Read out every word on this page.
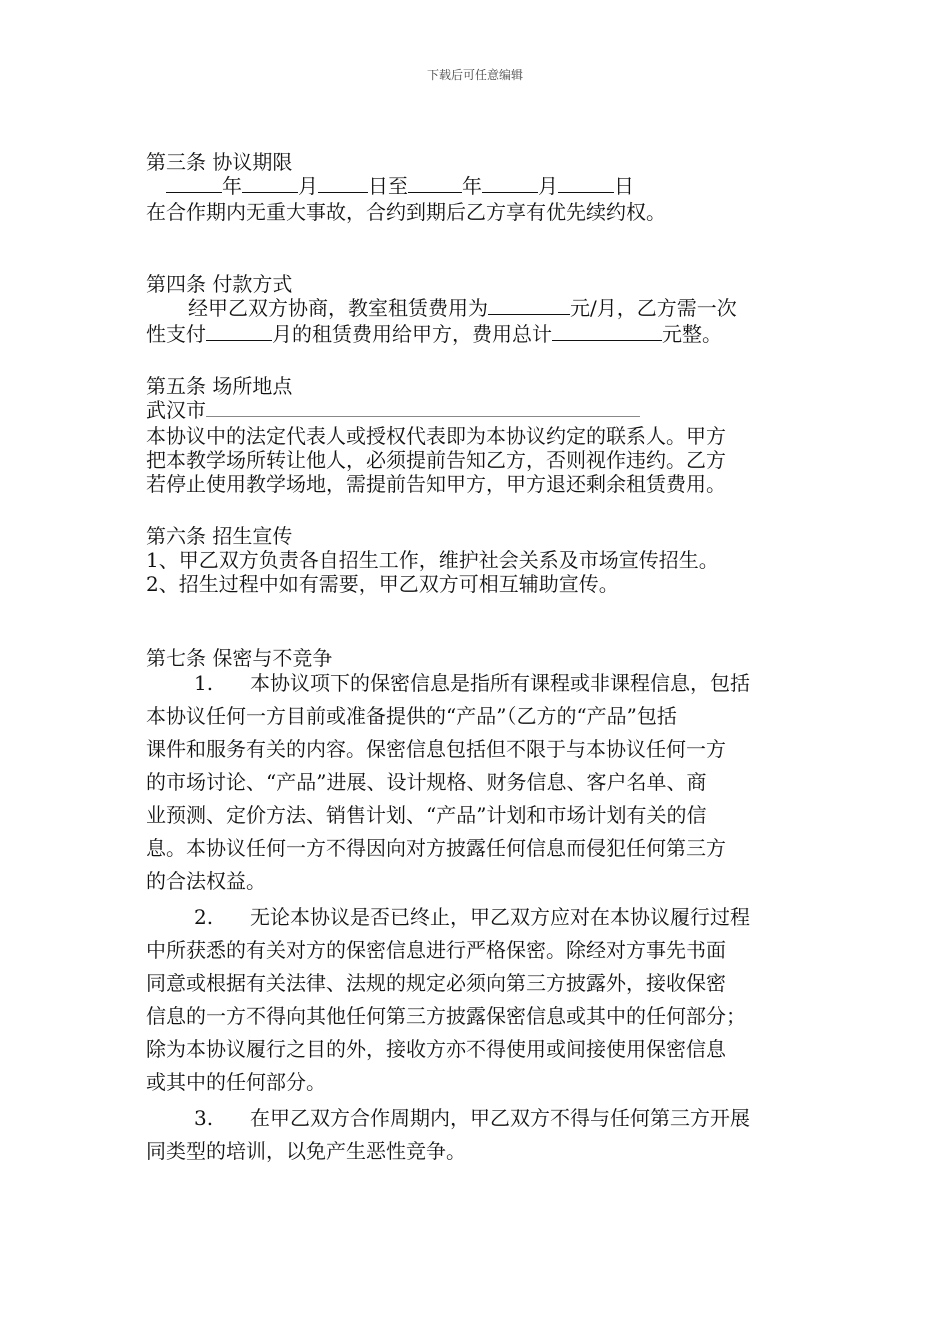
下载后可任意编辑
第三条 协议期限
年	月	日至	年	月	日
在合作期内无重大事故，合约到期后乙方享有优先续约权。
第四条 付款方式
经甲乙双方协商，教室租赁费用为	元/月，乙方需一次
性支付	月的租赁费用给甲方，费用总计	元整。
第五条 场所地点
武汉市
本协议中的法定代表人或授权代表即为本协议约定的联系人。甲方
把本教学场所转让他人，必须提前告知乙方，否则视作违约。乙方
若停止使用教学场地，需提前告知甲方，甲方退还剩余租赁费用。
第六条 招生宣传
1、甲乙双方负责各自招生工作，维护社会关系及市场宣传招生。
2、招生过程中如有需要，甲乙双方可相互辅助宣传。
第七条 保密与不竞争
1. 本协议项下的保密信息是指所有课程或非课程信息，包括
本协议任何一方目前或准备提供的“产品”（乙方的“产品”包括
课件和服务有关的内容。保密信息包括但不限于与本协议任何一方
的市场讨论、“产品”进展、设计规格、财务信息、客户名单、商
业预测、定价方法、销售计划、“产品”计划和市场计划有关的信
息。本协议任何一方不得因向对方披露任何信息而侵犯任何第三方
的合法权益。
2. 无论本协议是否已终止，甲乙双方应对在本协议履行过程
中所获悉的有关对方的保密信息进行严格保密。除经对方事先书面
同意或根据有关法律、法规的规定必须向第三方披露外，接收保密
信息的一方不得向其他任何第三方披露保密信息或其中的任何部分；
除为本协议履行之目的外，接收方亦不得使用或间接使用保密信息
或其中的任何部分。
3. 在甲乙双方合作周期内，甲乙双方不得与任何第三方开展
同类型的培训，以免产生恶性竞争。
